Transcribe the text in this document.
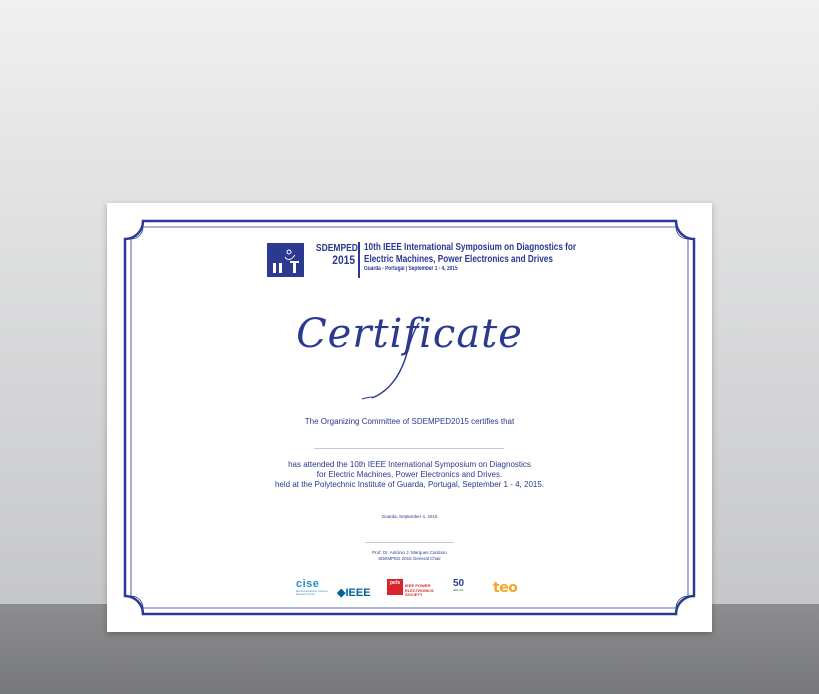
SDEMPED
2015
10th IEEE International Symposium on Diagnostics for
Electric Machines, Power Electronics and Drives
Guarda - Portugal | September 1 - 4, 2015
Certificate
The Organizing Committee of SDEMPED2015 certifies that
has attended the 10th IEEE International Symposium on Diagnostics
for Electric Machines, Power Electronics and Drives.
held at the Polytechnic Institute of Guarda, Portugal, September 1 - 4, 2015.
Guarda, September 4, 2015
Prof. Dr. António J. Marques Cardoso
SDEMPED 2015 General Chair
cise
Electromechatronic Systems Research Centre	◆IEEE
pels	IEEE POWER ELECTRONICS SOCIETY
50
IEEE IES	teo
